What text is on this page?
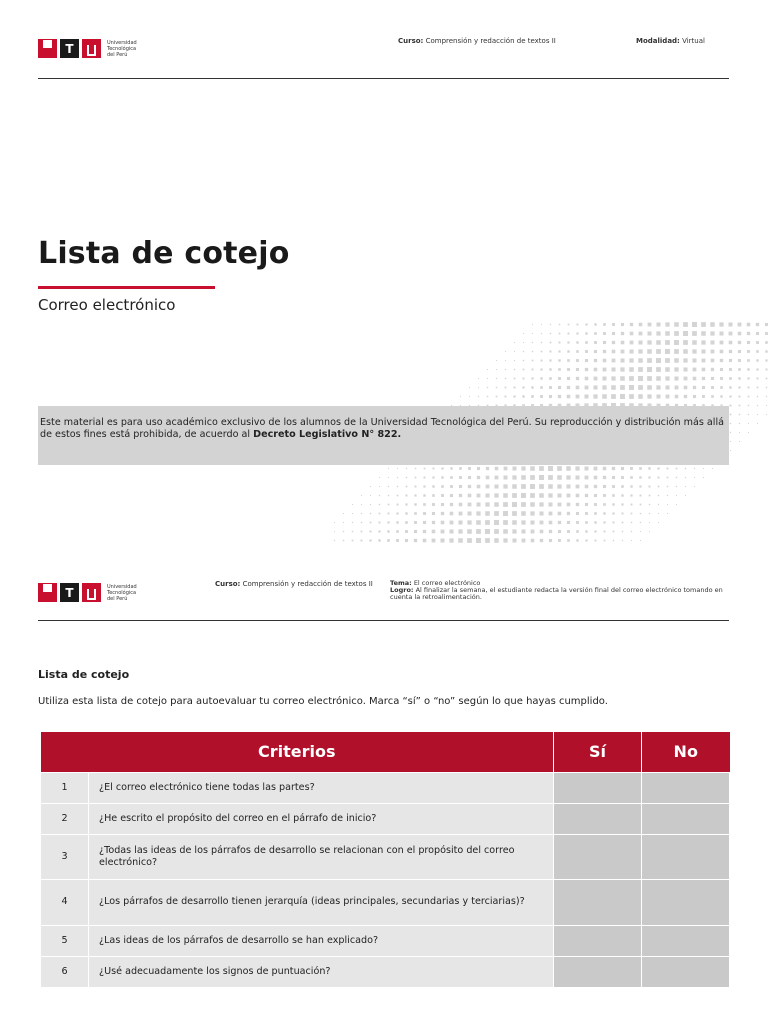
T	Universidad
Tecnológica
del Perú
Curso: Comprensión y redacción de textos II	Modalidad: Virtual
Lista de cotejo
Correo electrónico
Este material es para uso académico exclusivo de los alumnos de la Universidad Tecnológica del Perú. Su reproducción y distribución más allá de estos fines está prohibida, de acuerdo al Decreto Legislativo N° 822.
T	Universidad
Tecnológica
del Perú
Curso: Comprensión y redacción de textos II	Tema: El correo electrónico
Logro: Al finalizar la semana, el estudiante redacta la versión final del correo electrónico tomando en cuenta la retroalimentación.
Lista de cotejo
Utiliza esta lista de cotejo para autoevaluar tu correo electrónico. Marca “sí” o “no” según lo que hayas cumplido.
Criterios		Sí	No
1	¿El correo electrónico tiene todas las partes?		
2	¿He escrito el propósito del correo en el párrafo de inicio?		
3	¿Todas las ideas de los párrafos de desarrollo se relacionan con el propósito del correo electrónico?		
4	¿Los párrafos de desarrollo tienen jerarquía (ideas principales, secundarias y terciarias)?		
5	¿Las ideas de los párrafos de desarrollo se han explicado?		
6	¿Usé adecuadamente los signos de puntuación?		
